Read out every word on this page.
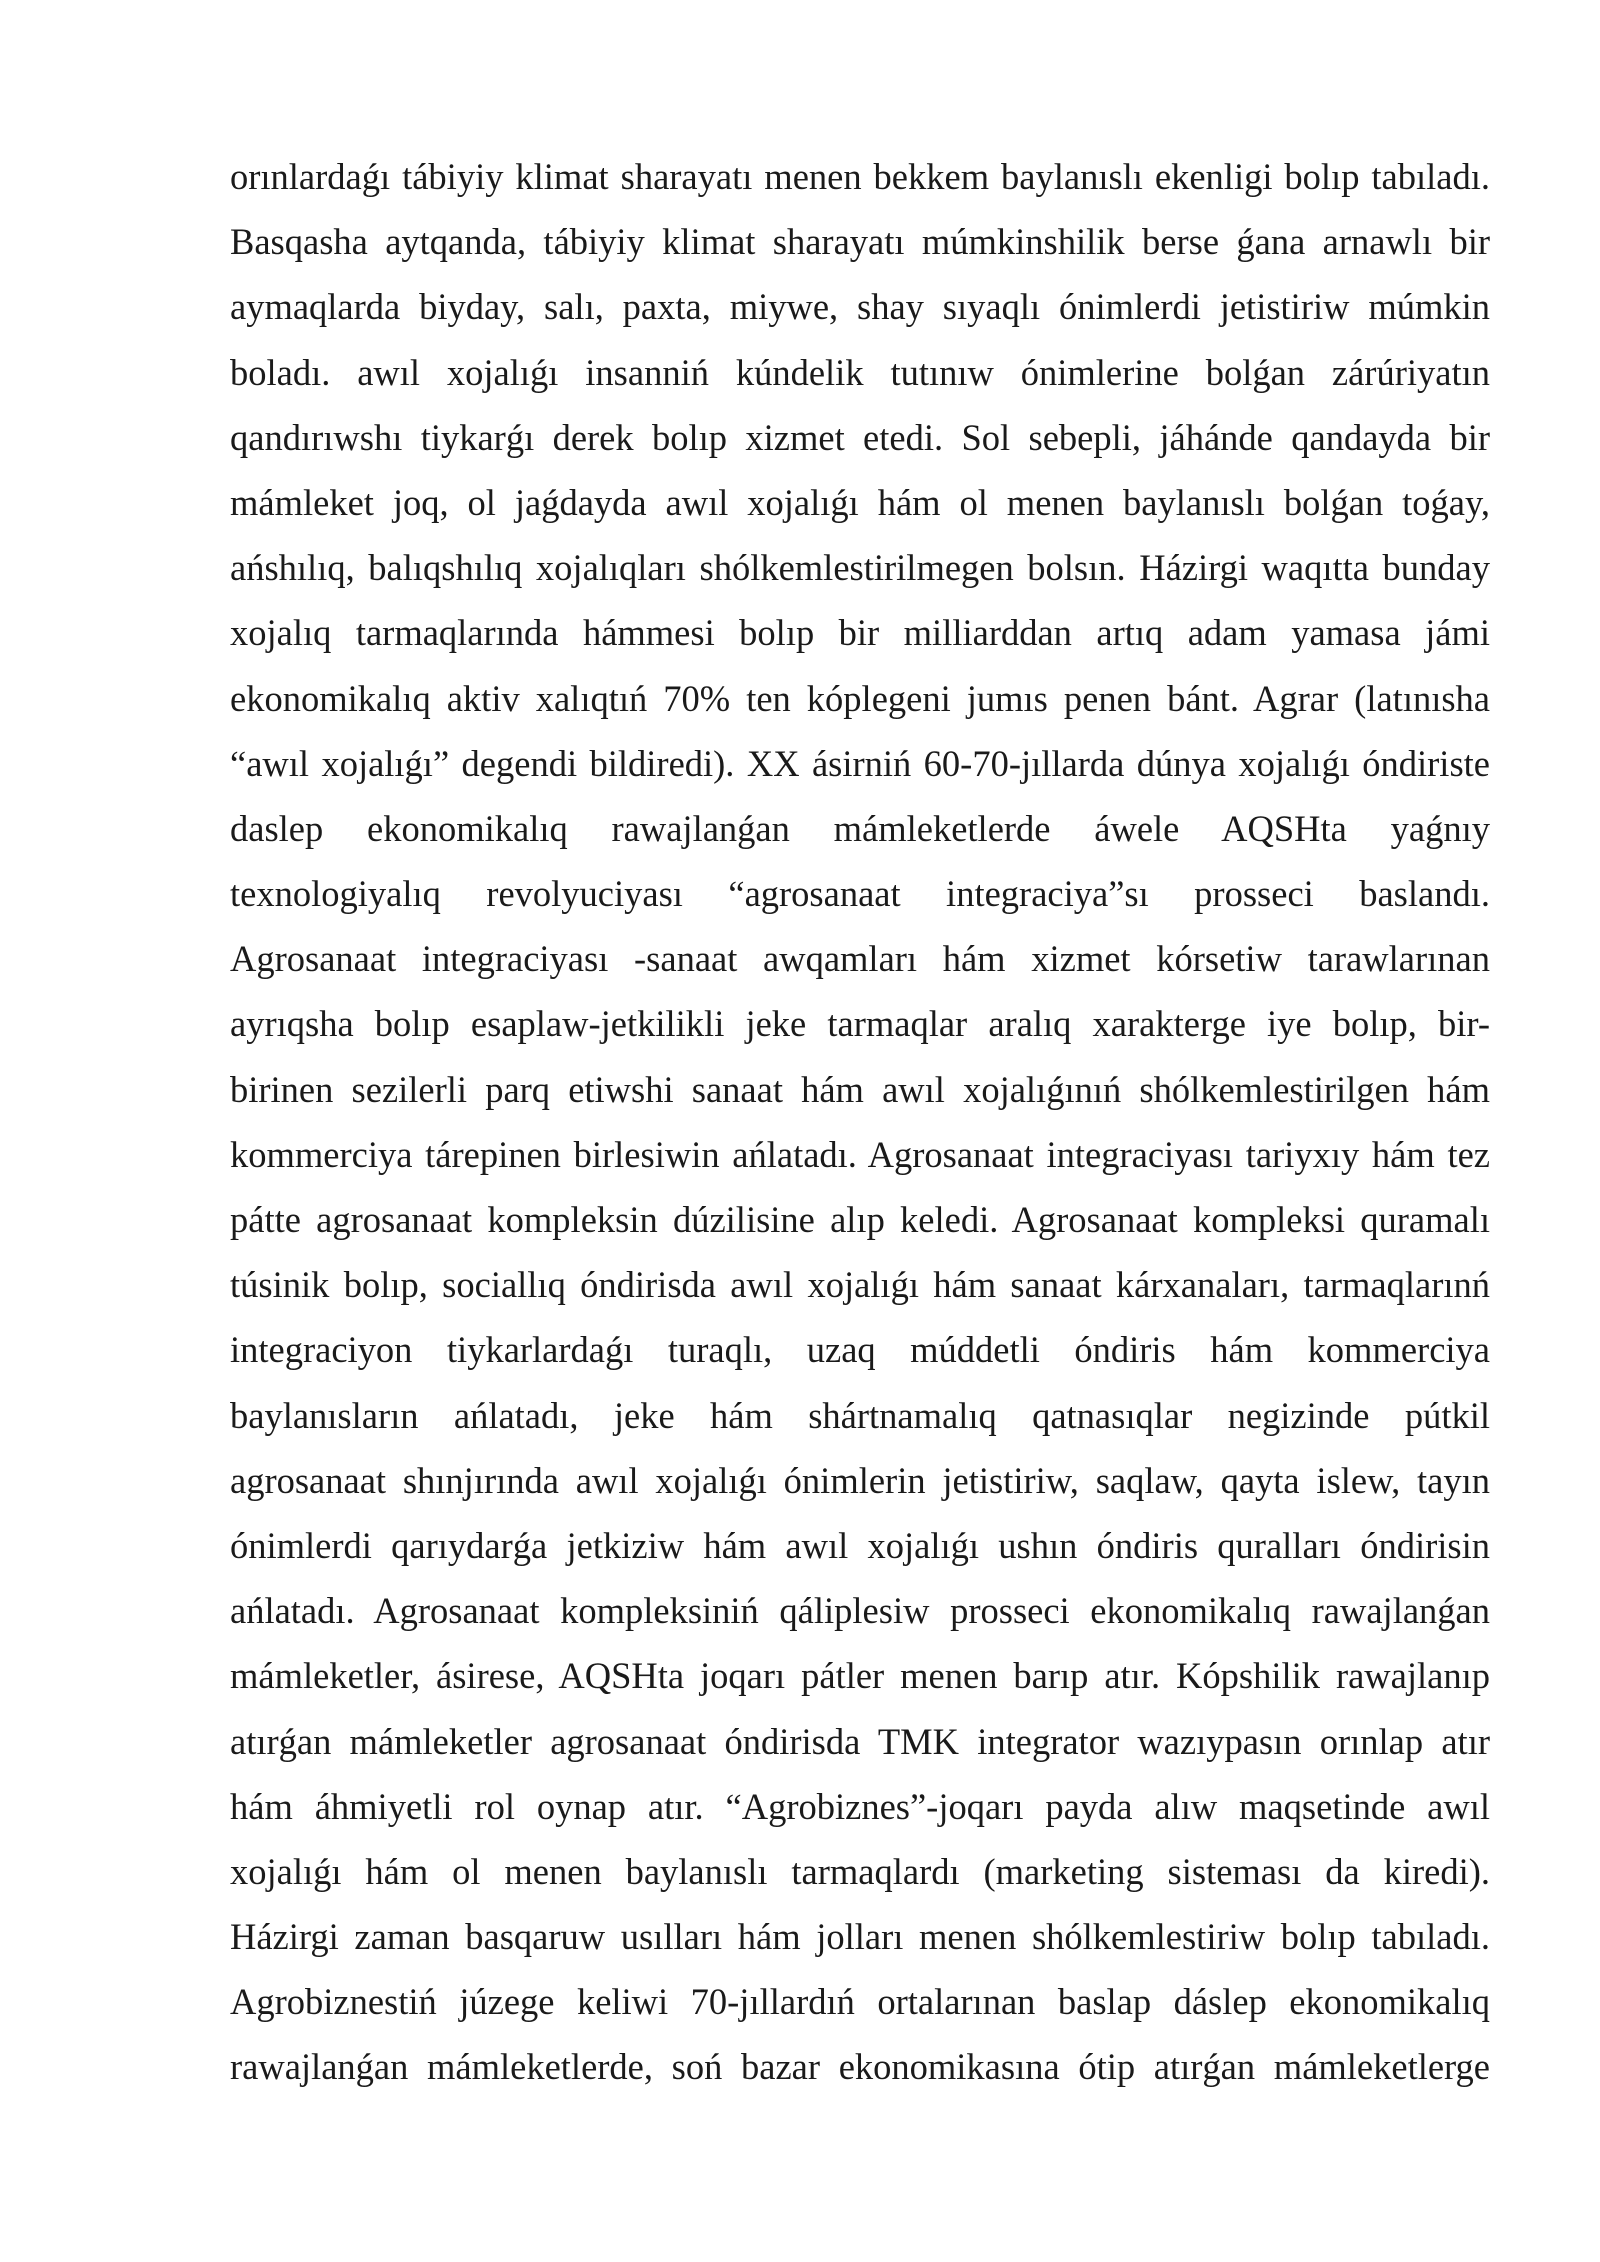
orınlardaǵı tábiyiy klimat sharayatı menen bekkem baylanıslı ekenligi bolıp tabıladı.
Basqasha aytqanda, tábiyiy klimat sharayatı múmkinshilik berse ǵana arnawlı bir
aymaqlarda biyday, salı, paxta, miywe, shay sıyaqlı ónimlerdi jetistiriw múmkin
boladı. awıl xojalıǵı insanniń kúndelik tutınıw ónimlerine bolǵan zárúriyatın
qandırıwshı tiykarǵı derek bolıp xizmet etedi. Sol sebepli, jáhánde qandayda bir
mámleket joq, ol jaǵdayda awıl xojalıǵı hám ol menen baylanıslı bolǵan toǵay,
ańshılıq, balıqshılıq xojalıqları shólkemlestirilmegen bolsın. Házirgi waqıtta bunday
xojalıq tarmaqlarında hámmesi bolıp bir milliarddan artıq adam yamasa jámi
ekonomikalıq aktiv xalıqtıń 70% ten kóplegeni jumıs penen bánt. Agrar (latınısha
“awıl xojalıǵı” degendi bildiredi). XX ásirniń 60-70-jıllarda dúnya xojalıǵı óndiriste
daslep ekonomikalıq rawajlanǵan mámleketlerde áwele AQSHta yaǵnıy
texnologiyalıq revolyuciyası “agrosanaat integraciya”sı prosseci baslandı.
Agrosanaat integraciyası -sanaat awqamları hám xizmet kórsetiw tarawlarınan
ayrıqsha bolıp esaplaw-jetkilikli jeke tarmaqlar aralıq xarakterge iye bolıp, bir-
birinen sezilerli parq etiwshi sanaat hám awıl xojalıǵınıń shólkemlestirilgen hám
kommerciya tárepinen birlesiwin ańlatadı. Agrosanaat integraciyası tariyxıy hám tez
pátte agrosanaat kompleksin dúzilisine alıp keledi. Agrosanaat kompleksi quramalı
túsinik bolıp, sociallıq óndirisda awıl xojalıǵı hám sanaat kárxanaları, tarmaqlarınń
integraciyon tiykarlardaǵı turaqlı, uzaq múddetli óndiris hám kommerciya
baylanısların ańlatadı, jeke hám shártnamalıq qatnasıqlar negizinde pútkil
agrosanaat shınjırında awıl xojalıǵı ónimlerin jetistiriw, saqlaw, qayta islew, tayın
ónimlerdi qarıydarǵa jetkiziw hám awıl xojalıǵı ushın óndiris quralları óndirisin
ańlatadı. Agrosanaat kompleksiniń qáliplesiw prosseci ekonomikalıq rawajlanǵan
mámleketler, ásirese, AQSHta joqarı pátler menen barıp atır. Kópshilik rawajlanıp
atırǵan mámleketler agrosanaat óndirisda TMK integrator wazıypasın orınlap atır
hám áhmiyetli rol oynap atır. “Agrobiznes”-joqarı payda alıw maqsetinde awıl
xojalıǵı hám ol menen baylanıslı tarmaqlardı (marketing sisteması da kiredi).
Házirgi zaman basqaruw usılları hám jolları menen shólkemlestiriw bolıp tabıladı.
Agrobiznestiń júzege keliwi 70-jıllardıń ortalarınan baslap dáslep ekonomikalıq
rawajlanǵan mámleketlerde, soń bazar ekonomikasına ótip atırǵan mámleketlerge
